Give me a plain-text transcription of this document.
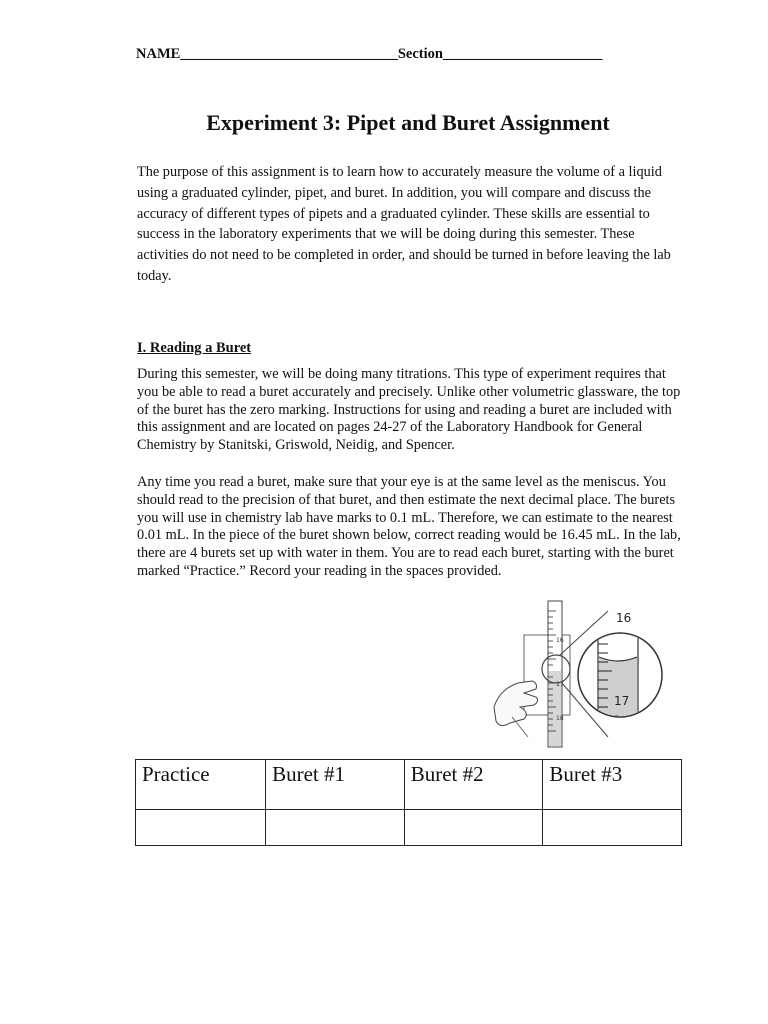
NAME______________________________Section______________________
Experiment 3: Pipet and Buret Assignment

The purpose of this assignment is to learn how to accurately measure the volume of a liquid using a graduated cylinder, pipet, and buret. In addition, you will compare and discuss the accuracy of different types of pipets and a graduated cylinder. These skills are essential to success in the laboratory experiments that we will be doing during this semester. These activities do not need to be completed in order, and should be turned in before leaving the lab today.

I. Reading a Buret

During this semester, we will be doing many titrations. This type of experiment requires that you be able to read a buret accurately and precisely. Unlike other volumetric glassware, the top of the buret has the zero marking. Instructions for using and reading a buret are included with this assignment and are located on pages 24-27 of the Laboratory Handbook for General Chemistry by Stanitski, Griswold, Neidig, and Spencer.

Any time you read a buret, make sure that your eye is at the same level as the meniscus. You should read to the precision of that buret, and then estimate the next decimal place. The burets you will use in chemistry lab have marks to 0.1 mL. Therefore, we can estimate to the nearest 0.01 mL. In the piece of the buret shown below, correct reading would be 16.45 mL. In the lab, there are 4 burets set up with water in them. You are to read each buret, starting with the buret marked “Practice.” Record your reading in the spaces provided.

16
17
18
16
17
Practice	Buret #1	Buret #2	Buret #3
